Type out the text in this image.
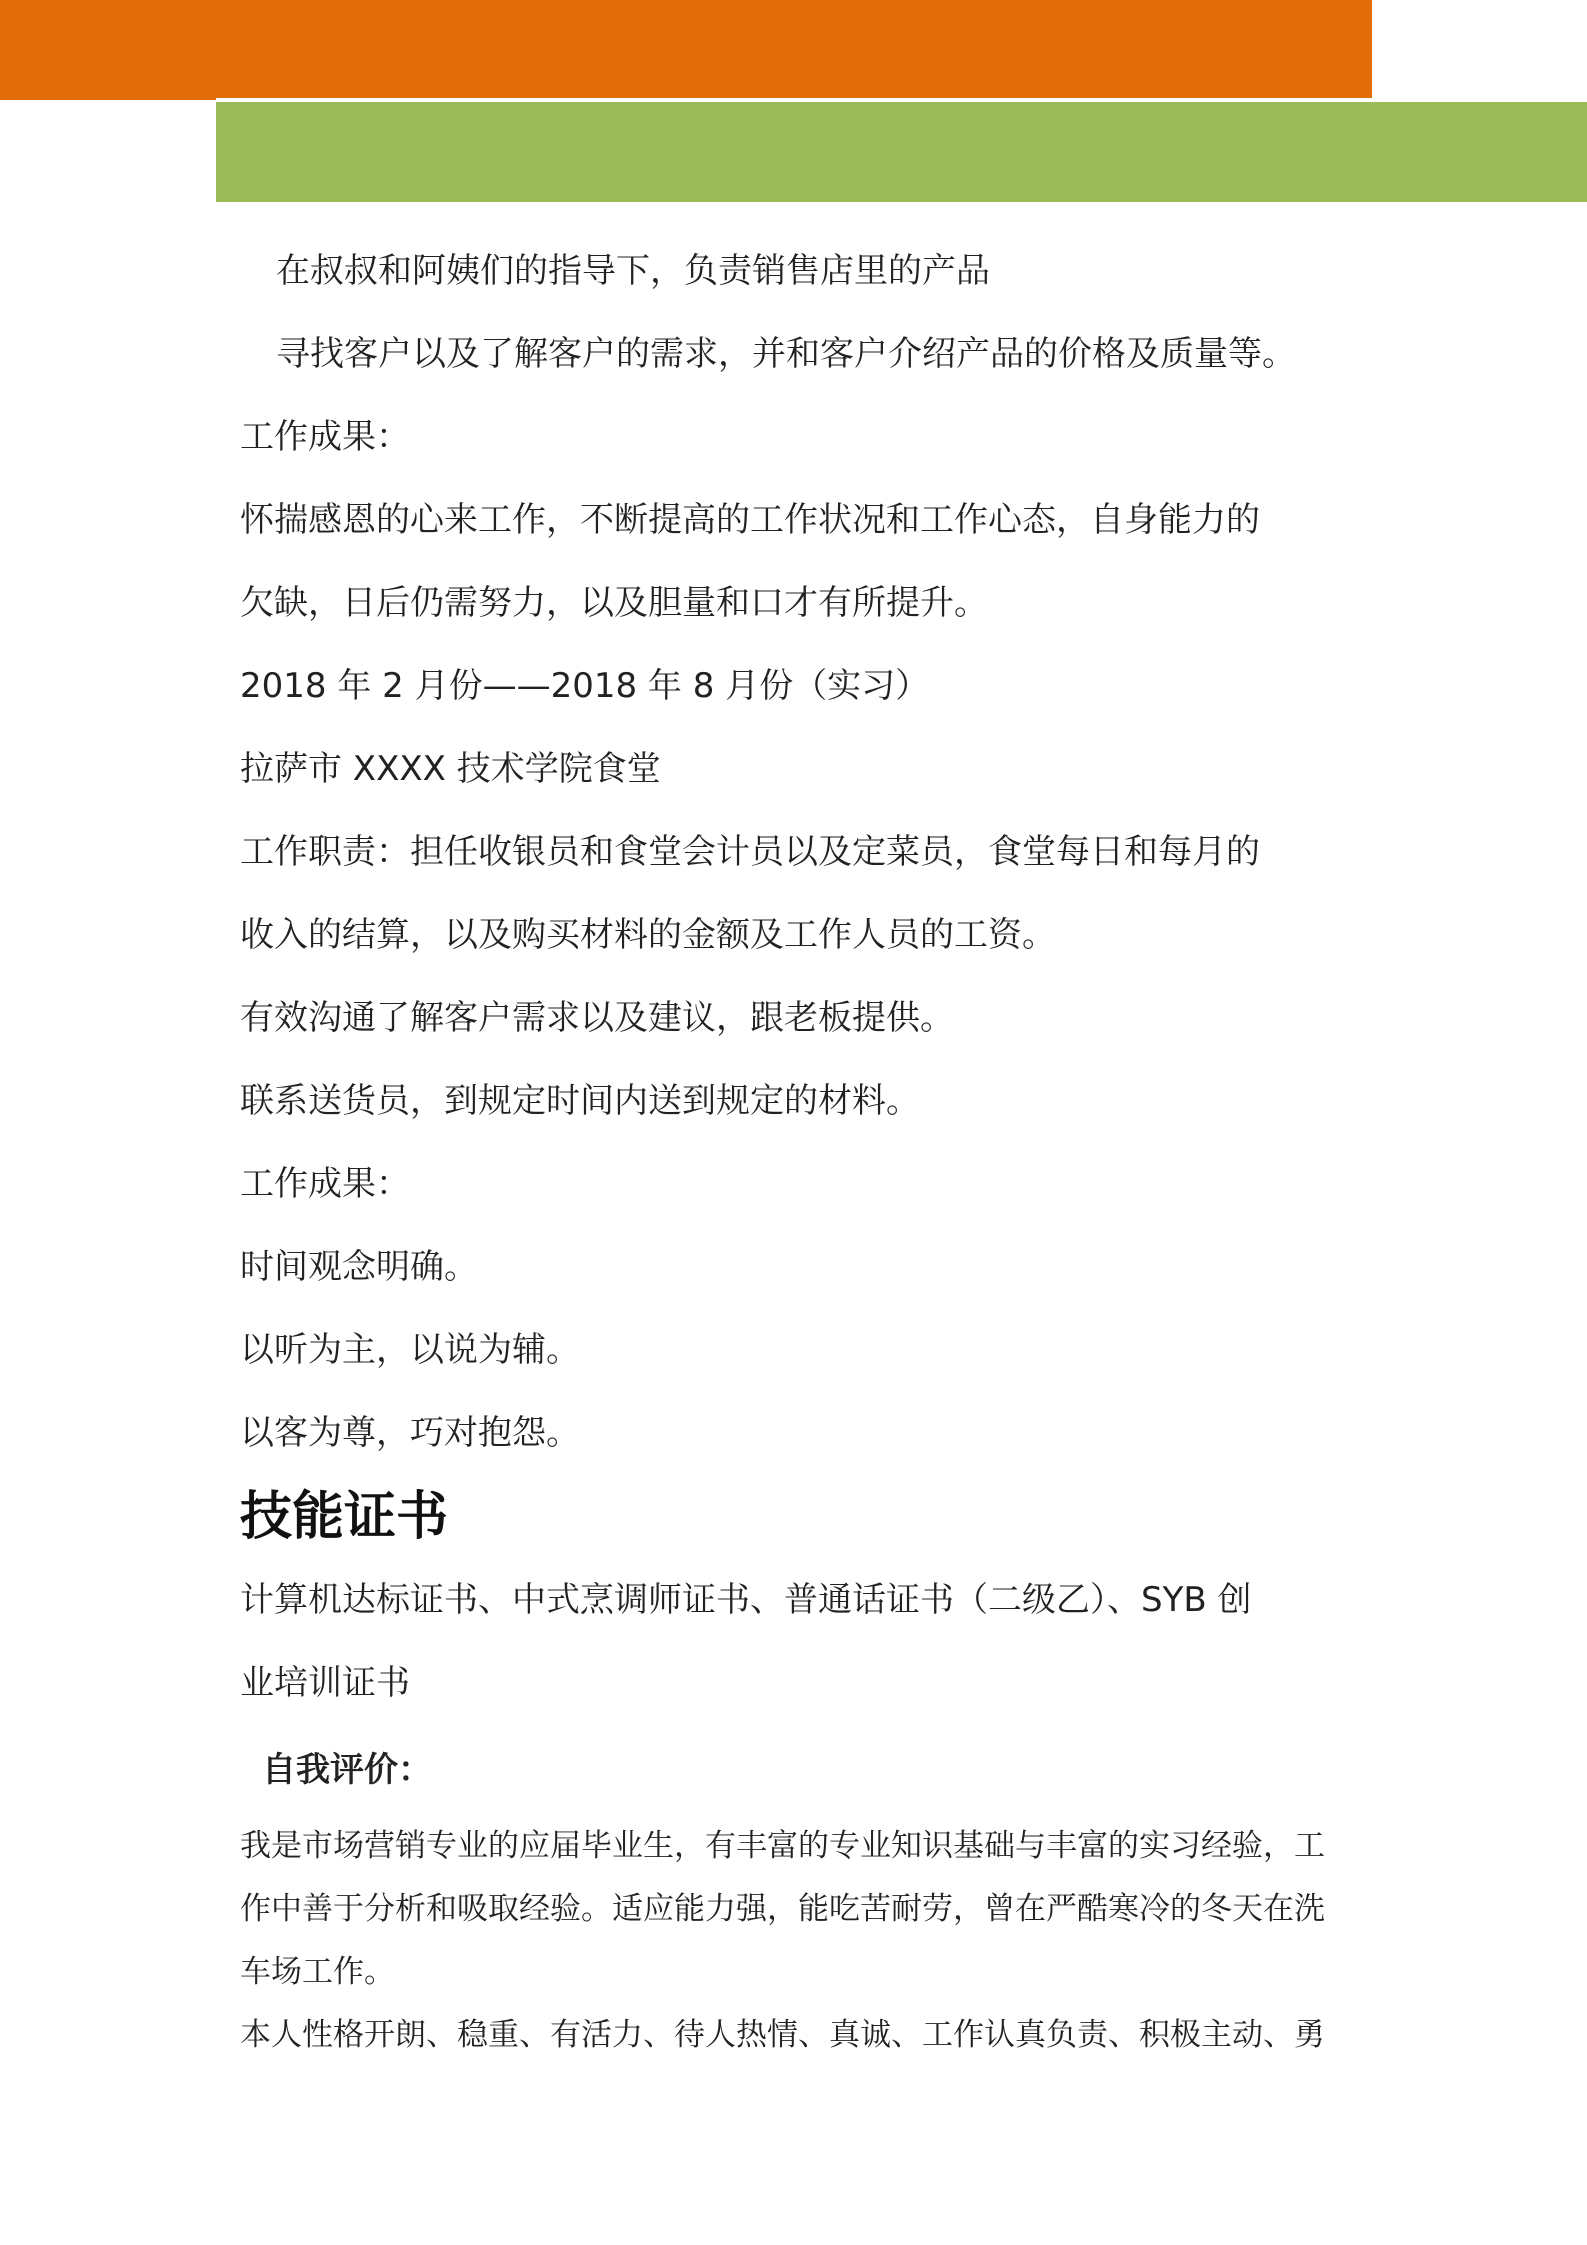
在叔叔和阿姨们的指导下，负责销售店里的产品

寻找客户以及了解客户的需求，并和客户介绍产品的价格及质量等。

工作成果：

怀揣感恩的心来工作，不断提高的工作状况和工作心态，自身能力的

欠缺，日后仍需努力，以及胆量和口才有所提升。

2018 年 2 月份——2018 年 8 月份（实习）

拉萨市 XXXX 技术学院食堂

工作职责：担任收银员和食堂会计员以及定菜员，食堂每日和每月的

收入的结算，以及购买材料的金额及工作人员的工资。

有效沟通了解客户需求以及建议，跟老板提供。

联系送货员，到规定时间内送到规定的材料。

工作成果：

时间观念明确。

以听为主，以说为辅。

以客为尊，巧对抱怨。

技能证书

计算机达标证书、中式烹调师证书、普通话证书（二级乙）、SYB 创

业培训证书

自我评价：

我是市场营销专业的应届毕业生，有丰富的专业知识基础与丰富的实习经验，工

作中善于分析和吸取经验。适应能力强，能吃苦耐劳，曾在严酷寒冷的冬天在洗

车场工作。

本人性格开朗、稳重、有活力、待人热情、真诚、工作认真负责、积极主动、勇
